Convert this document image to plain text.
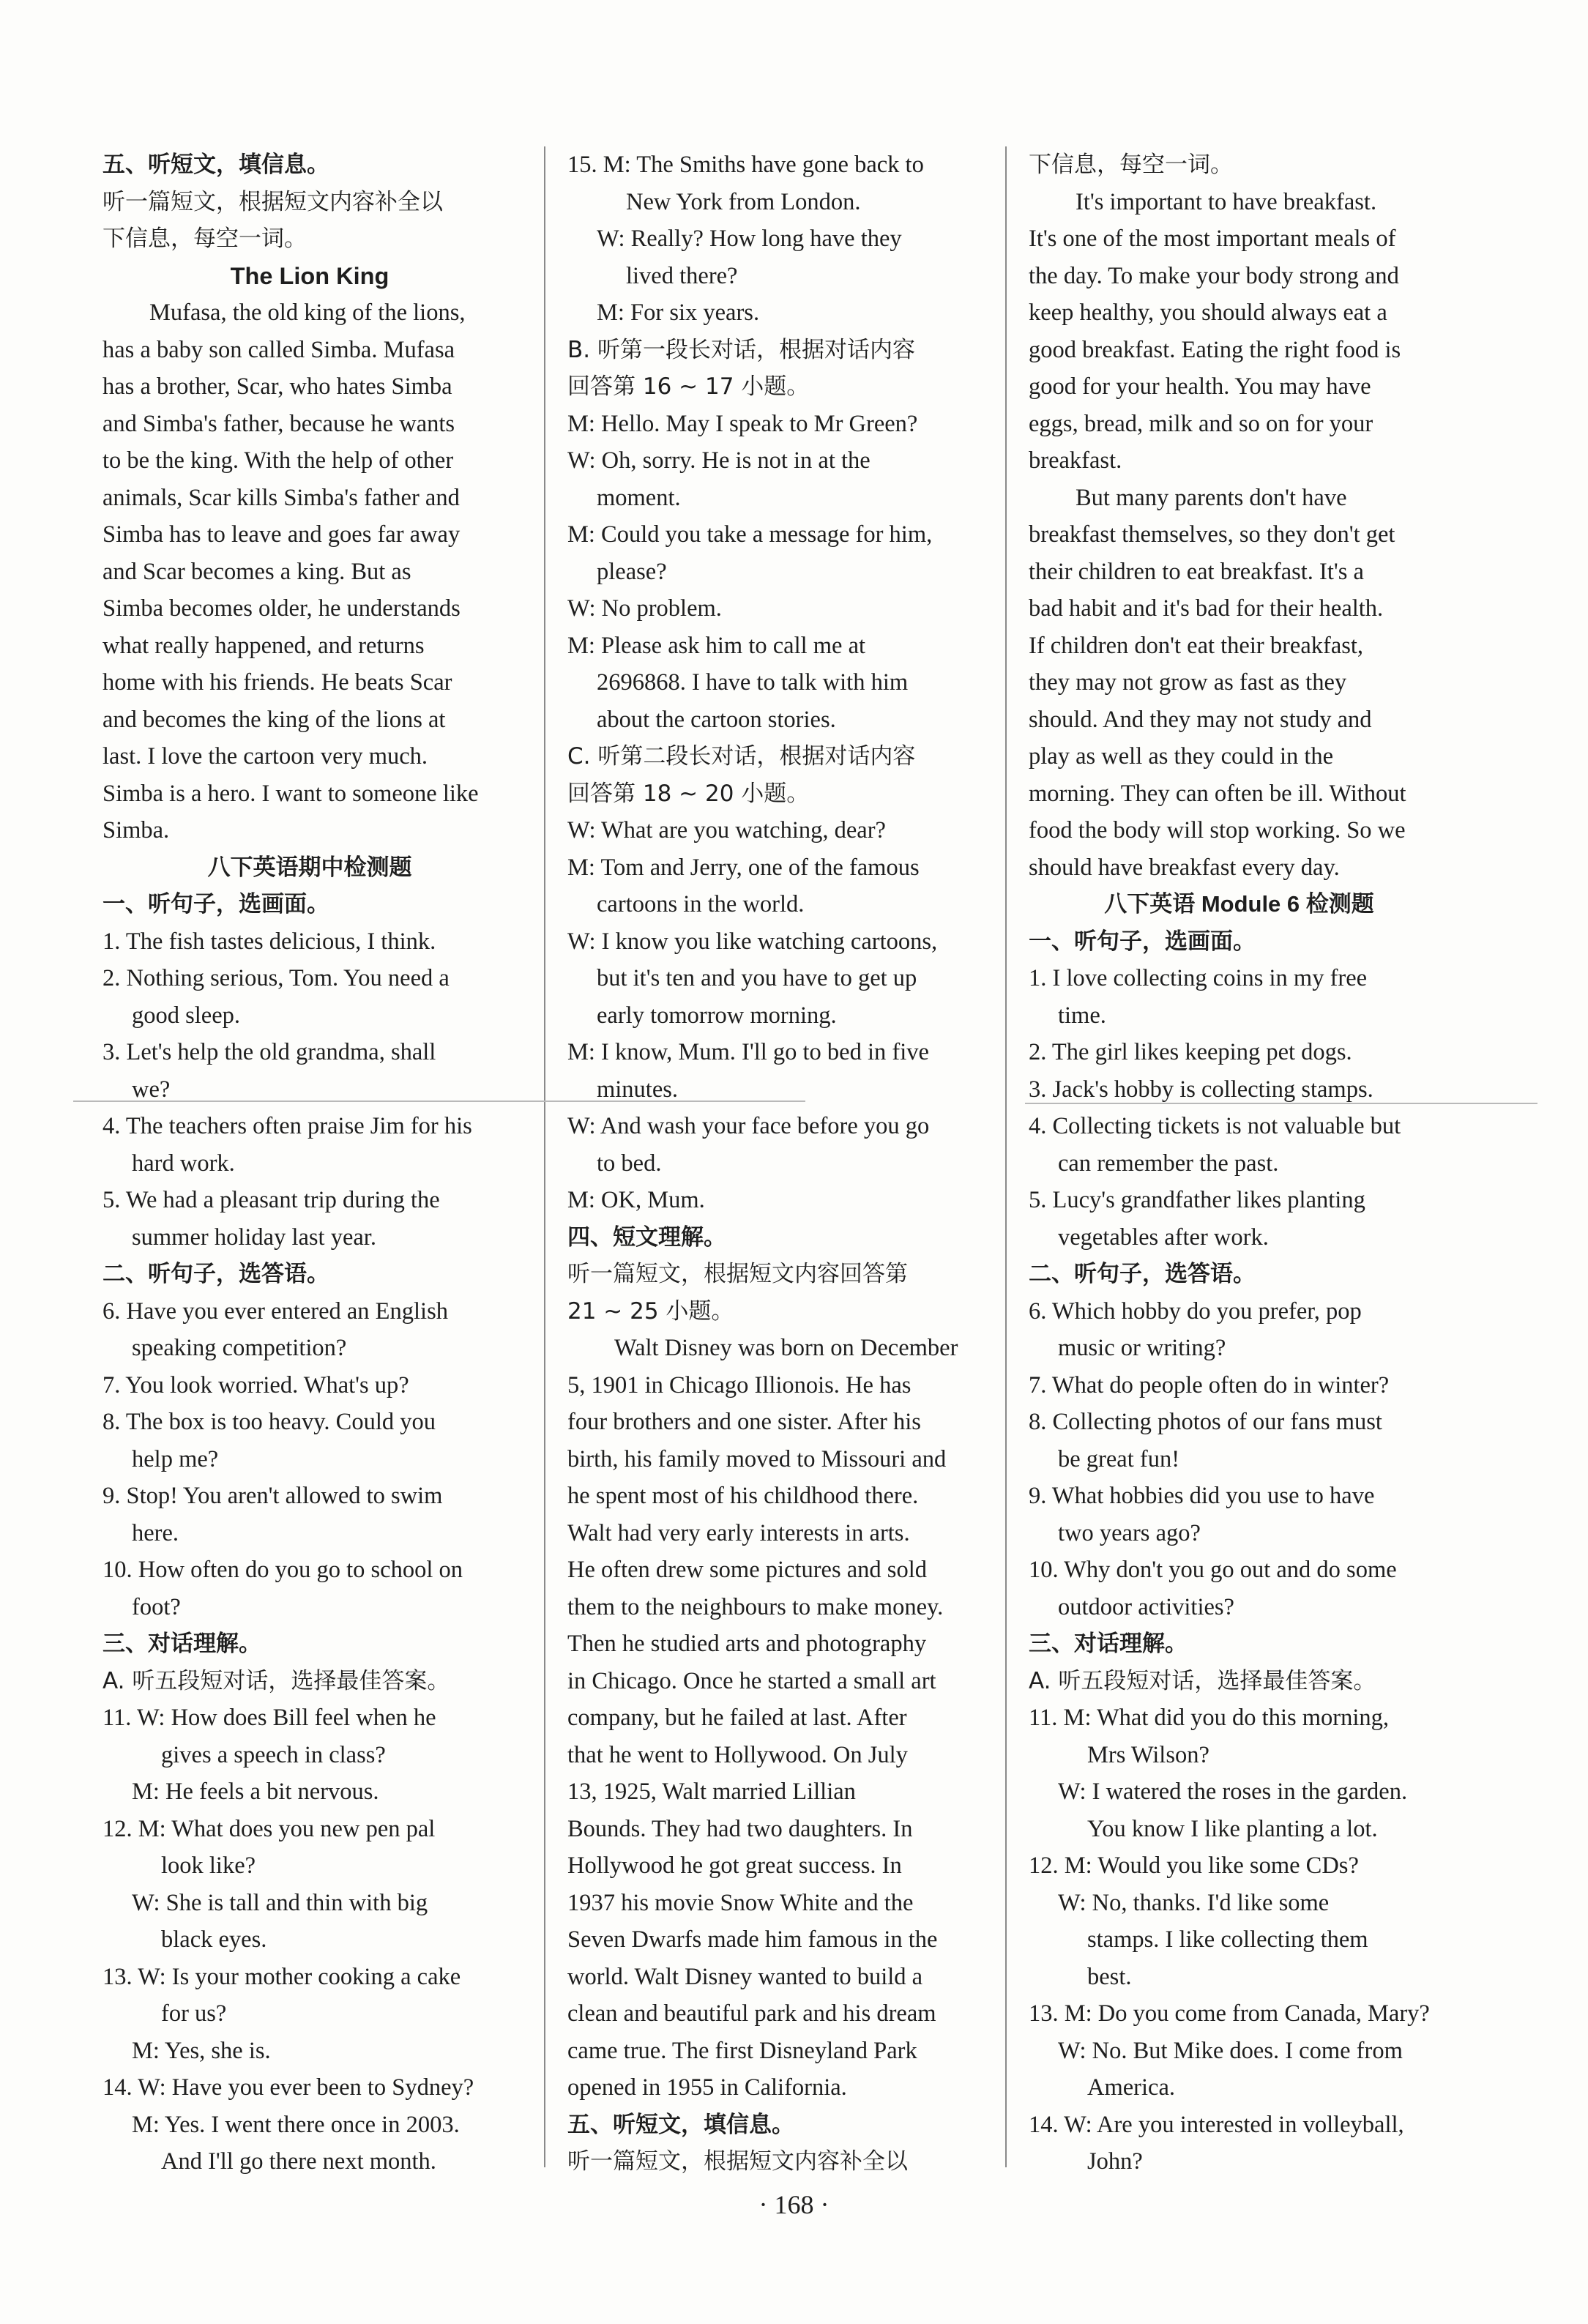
五、听短文，填信息。
听一篇短文，根据短文内容补全以
下信息，每空一词。
The Lion King
Mufasa, the old king of the lions,
has a baby son called Simba. Mufasa
has a brother, Scar, who hates Simba
and Simba's father, because he wants
to be the king. With the help of other
animals, Scar kills Simba's father and
Simba has to leave and goes far away
and Scar becomes a king. But as
Simba becomes older, he understands
what really happened, and returns
home with his friends. He beats Scar
and becomes the king of the lions at
last. I love the cartoon very much.
Simba is a hero. I want to someone like
Simba.
八下英语期中检测题
一、听句子，选画面。
1. The fish tastes delicious, I think.
2. Nothing serious, Tom. You need a
good sleep.
3. Let's help the old grandma, shall
we?
4. The teachers often praise Jim for his
hard work.
5. We had a pleasant trip during the
summer holiday last year.
二、听句子，选答语。
6. Have you ever entered an English
speaking competition?
7. You look worried. What's up?
8. The box is too heavy. Could you
help me?
9. Stop! You aren't allowed to swim
here.
10. How often do you go to school on
foot?
三、对话理解。
A. 听五段短对话，选择最佳答案。
11. W: How does Bill feel when he
gives a speech in class?
M: He feels a bit nervous.
12. M: What does you new pen pal
look like?
W: She is tall and thin with big
black eyes.
13. W: Is your mother cooking a cake
for us?
M: Yes, she is.
14. W: Have you ever been to Sydney?
M: Yes. I went there once in 2003.
And I'll go there next month.
15. M: The Smiths have gone back to
New York from London.
W: Really? How long have they
lived there?
M: For six years.
B. 听第一段长对话，根据对话内容
回答第 16 ~ 17 小题。
M: Hello. May I speak to Mr Green?
W: Oh, sorry. He is not in at the
moment.
M: Could you take a message for him,
please?
W: No problem.
M: Please ask him to call me at
2696868. I have to talk with him
about the cartoon stories.
C. 听第二段长对话，根据对话内容
回答第 18 ~ 20 小题。
W: What are you watching, dear?
M: Tom and Jerry, one of the famous
cartoons in the world.
W: I know you like watching cartoons,
but it's ten and you have to get up
early tomorrow morning.
M: I know, Mum. I'll go to bed in five
minutes.
W: And wash your face before you go
to bed.
M: OK, Mum.
四、短文理解。
听一篇短文，根据短文内容回答第
21 ~ 25 小题。
Walt Disney was born on December
5, 1901 in Chicago Illionois. He has
four brothers and one sister. After his
birth, his family moved to Missouri and
he spent most of his childhood there.
Walt had very early interests in arts.
He often drew some pictures and sold
them to the neighbours to make money.
Then he studied arts and photography
in Chicago. Once he started a small art
company, but he failed at last. After
that he went to Hollywood. On July
13, 1925, Walt married Lillian
Bounds. They had two daughters. In
Hollywood he got great success. In
1937 his movie Snow White and the
Seven Dwarfs made him famous in the
world. Walt Disney wanted to build a
clean and beautiful park and his dream
came true. The first Disneyland Park
opened in 1955 in California.
五、听短文，填信息。
听一篇短文，根据短文内容补全以
下信息，每空一词。
It's important to have breakfast.
It's one of the most important meals of
the day. To make your body strong and
keep healthy, you should always eat a
good breakfast. Eating the right food is
good for your health. You may have
eggs, bread, milk and so on for your
breakfast.
But many parents don't have
breakfast themselves, so they don't get
their children to eat breakfast. It's a
bad habit and it's bad for their health.
If children don't eat their breakfast,
they may not grow as fast as they
should. And they may not study and
play as well as they could in the
morning. They can often be ill. Without
food the body will stop working. So we
should have breakfast every day.
八下英语 Module 6 检测题
一、听句子，选画面。
1. I love collecting coins in my free
time.
2. The girl likes keeping pet dogs.
3. Jack's hobby is collecting stamps.
4. Collecting tickets is not valuable but
can remember the past.
5. Lucy's grandfather likes planting
vegetables after work.
二、听句子，选答语。
6. Which hobby do you prefer, pop
music or writing?
7. What do people often do in winter?
8. Collecting photos of our fans must
be great fun!
9. What hobbies did you use to have
two years ago?
10. Why don't you go out and do some
outdoor activities?
三、对话理解。
A. 听五段短对话，选择最佳答案。
11. M: What did you do this morning,
Mrs Wilson?
W: I watered the roses in the garden.
You know I like planting a lot.
12. M: Would you like some CDs?
W: No, thanks. I'd like some
stamps. I like collecting them
best.
13. M: Do you come from Canada, Mary?
W: No. But Mike does. I come from
America.
14. W: Are you interested in volleyball,
John?
· 168 ·
